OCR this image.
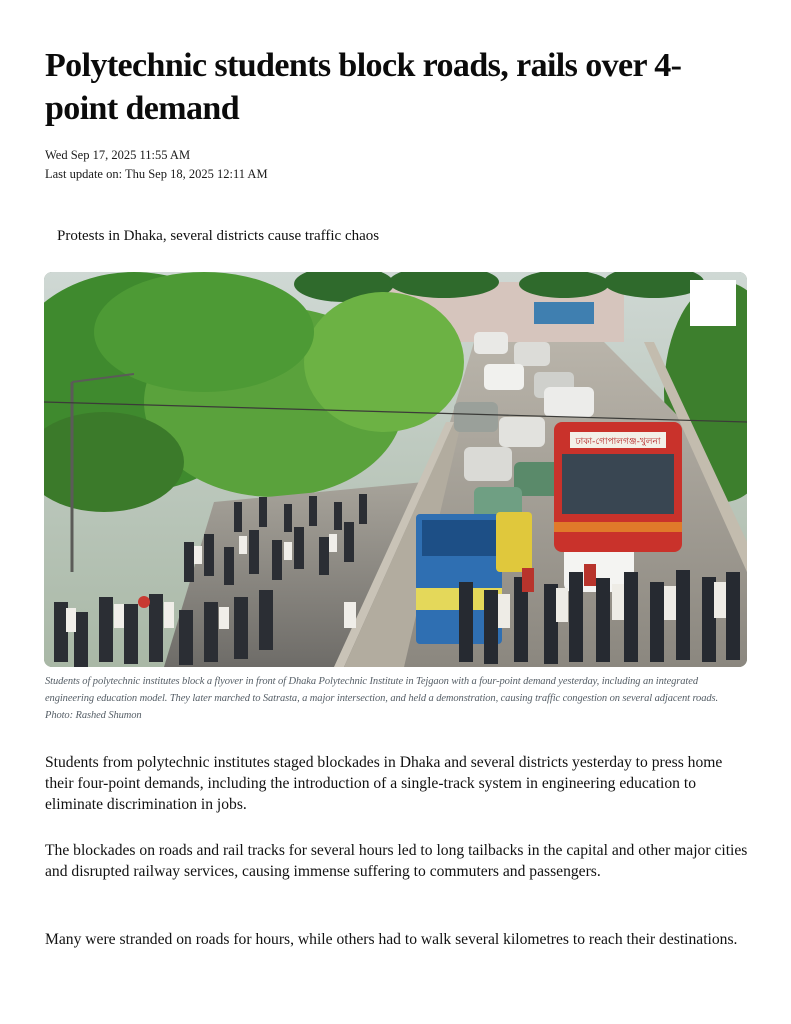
Polytechnic students block roads, rails over 4-point demand
Wed Sep 17, 2025 11:55 AM
Last update on: Thu Sep 18, 2025 12:11 AM
Protests in Dhaka, several districts cause traffic chaos
ঢাকা-গোপালগঞ্জ-খুলনা
Students of polytechnic institutes block a flyover in front of Dhaka Polytechnic Institute in Tejgaon with a four-point demand yesterday, including an integrated engineering education model. They later marched to Satrasta, a major intersection, and held a demonstration, causing traffic congestion on several adjacent roads. Photo: Rashed Shumon

Students from polytechnic institutes staged blockades in Dhaka and several districts yesterday to press home their four-point demands, including the introduction of a single-track system in engineering education to eliminate discrimination in jobs.

The blockades on roads and rail tracks for several hours led to long tailbacks in the capital and other major cities and disrupted railway services, causing immense suffering to commuters and passengers.

Many were stranded on roads for hours, while others had to walk several kilometres to reach their destinations.
